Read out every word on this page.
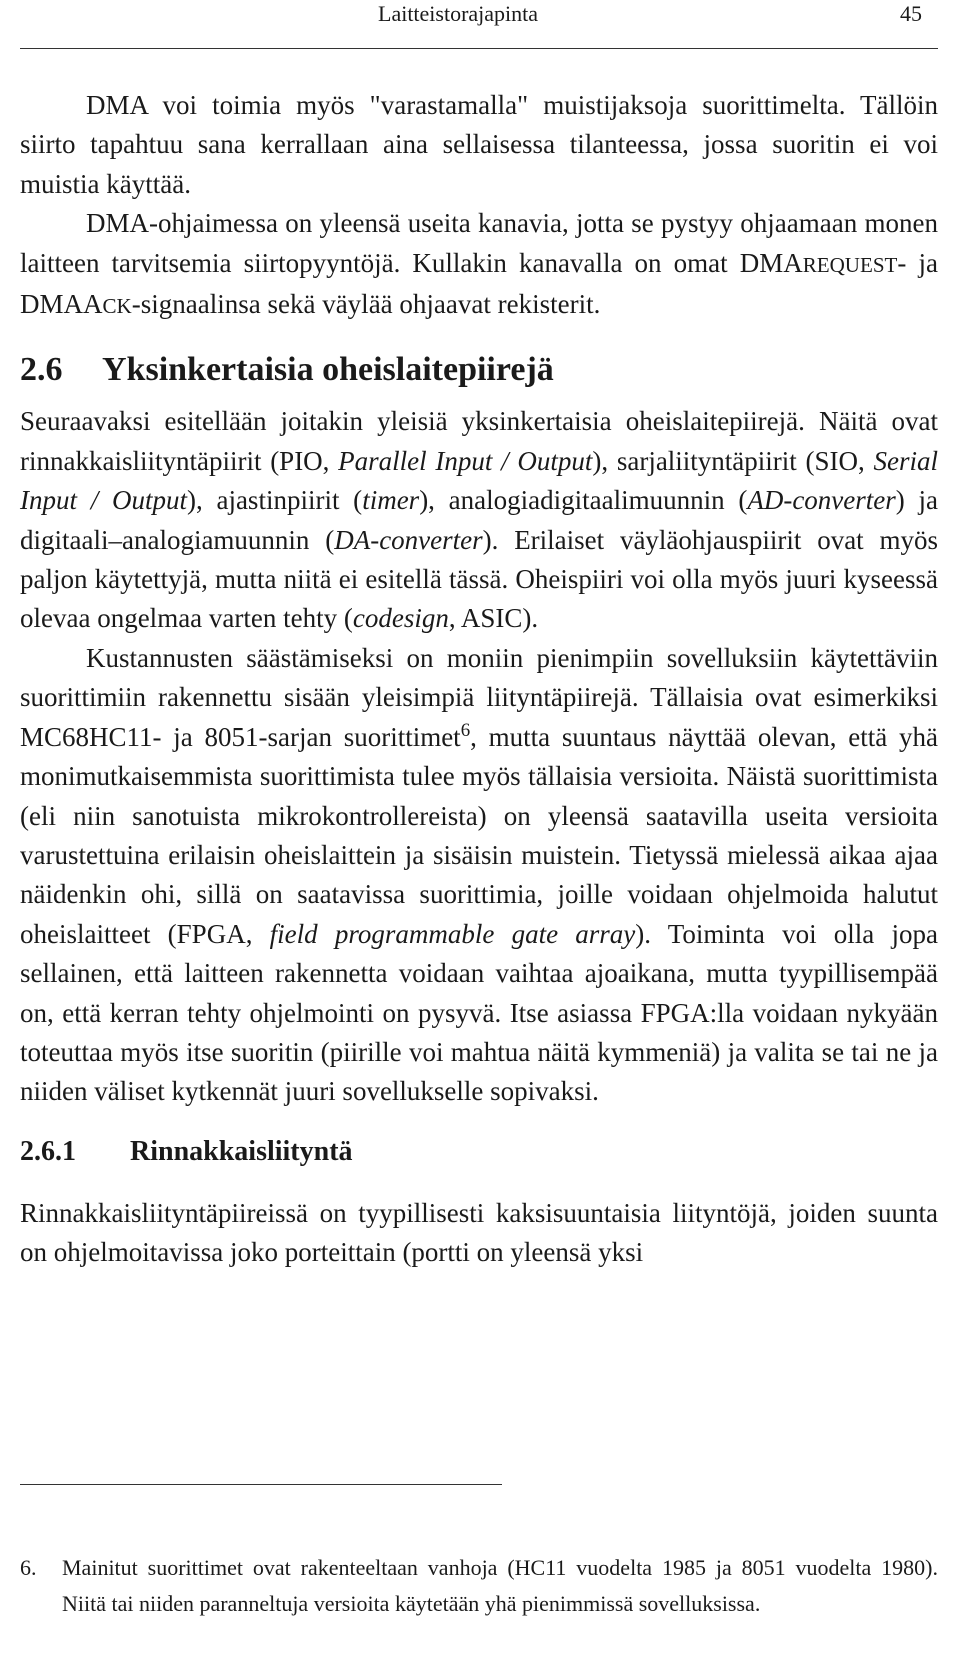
Laitteistorajapinta	45

DMA voi toimia myös "varastamalla" muistijaksoja suorittimelta. Tällöin siirto tapahtuu sana kerrallaan aina sellaisessa tilanteessa, jossa suoritin ei voi muistia käyttää.

DMA-ohjaimessa on yleensä useita kanavia, jotta se pystyy ohjaamaan monen laitteen tarvitsemia siirtopyyntöjä. Kullakin kanavalla on omat DMAREQUEST- ja DMAACK-signaalinsa sekä väylää ohjaavat rekisterit.

2.6 Yksinkertaisia oheislaitepiirejä

Seuraavaksi esitellään joitakin yleisiä yksinkertaisia oheislaitepiirejä. Näitä ovat rinnakkaisliityntäpiirit (PIO, Parallel Input / Output), sarjaliityntäpiirit (SIO, Serial Input / Output), ajastinpiirit (timer), analogiadigitaalimuunnin (AD-converter) ja digitaali–analogiamuunnin (DA-converter). Erilaiset väyläohjauspiirit ovat myös paljon käytettyjä, mutta niitä ei esitellä tässä. Oheispiiri voi olla myös juuri kyseessä olevaa ongelmaa varten tehty (codesign, ASIC).

Kustannusten säästämiseksi on moniin pienimpiin sovelluksiin käytettäviin suorittimiin rakennettu sisään yleisimpiä liityntäpiirejä. Tällaisia ovat esimerkiksi MC68HC11- ja 8051-sarjan suorittimet$^6$, mutta suuntaus näyttää olevan, että yhä monimutkaisemmista suorittimista tulee myös tällaisia versioita. Näistä suorittimista (eli niin sanotuista mikrokontrollereista) on yleensä saatavilla useita versioita varustettuina erilaisin oheislaittein ja sisäisin muistein. Tietyssä mielessä aikaa ajaa näidenkin ohi, sillä on saatavissa suorittimia, joille voidaan ohjelmoida halutut oheislaitteet (FPGA, field programmable gate array). Toiminta voi olla jopa sellainen, että laitteen rakennetta voidaan vaihtaa ajoaikana, mutta tyypillisempää on, että kerran tehty ohjelmointi on pysyvä. Itse asiassa FPGA:lla voidaan nykyään toteuttaa myös itse suoritin (piirille voi mahtua näitä kymmeniä) ja valita se tai ne ja niiden väliset kytkennät juuri sovellukselle sopivaksi.

2.6.1 Rinnakkaisliityntä

Rinnakkaisliityntäpiireissä on tyypillisesti kaksisuuntaisia liityntöjä, joiden suunta on ohjelmoitavissa joko porteittain (portti on yleensä yksi

6. Mainitut suorittimet ovat rakenteeltaan vanhoja (HC11 vuodelta 1985 ja 8051 vuodelta 1980). Niitä tai niiden paranneltuja versioita käytetään yhä pienimmissä sovelluksissa.
